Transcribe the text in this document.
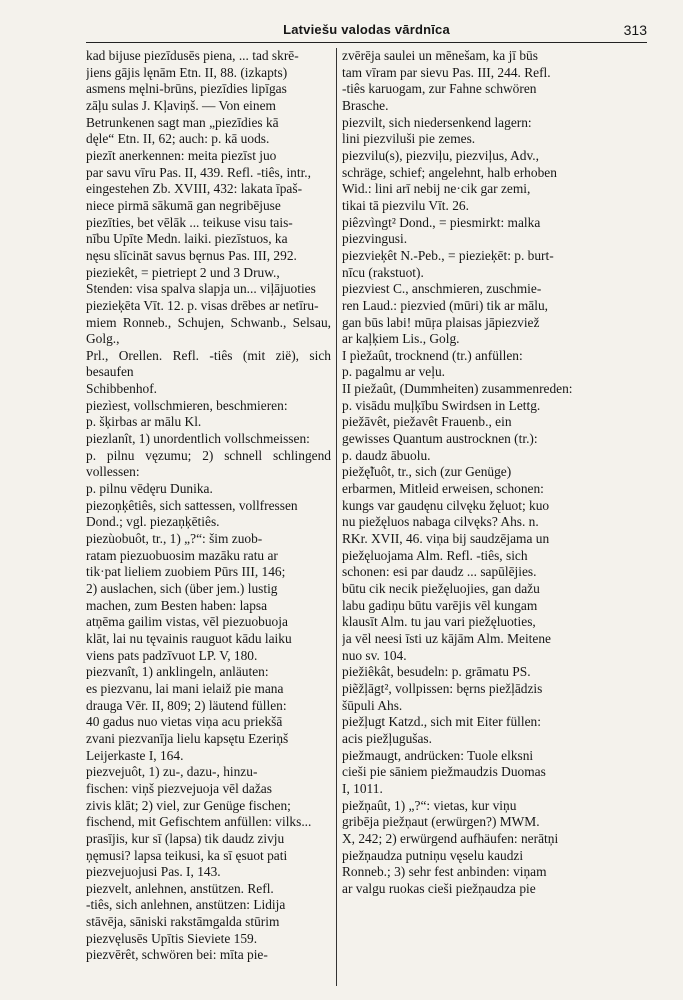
Latviešu valodas vārdnīca	313

kad bijuse piezīdusēs piena, ... tad skrē-

jiens gājis lęnām Etn. II, 88. (izkapts)

asmens męlni-brūns, piezīdies lipīgas

zāļu sulas J. Kļaviņš. — Von einem

Betrunkenen sagt man „piezīdies kā

dęle“ Etn. II, 62; auch: p. kā uods.

piezīt anerkennen: meita piezīst juo

par savu vīru Pas. II, 439. Refl. -tiês, intr.,

eingestehen Zb. XVIII, 432: lakata īpaš-

niece pirmā sākumā gan negribējuse

piezīties, bet vēlāk ... teikuse visu tais-

nību Upīte Medn. laiki. piezīstuos, ka

nęsu slīcināt savus bęrnus Pas. III, 292.

pieziekêt, = pietriept 2 und 3 Druw.,

Stenden: visa spalva slapja un... viļājuoties

piezieķēta Vīt. 12. p. visas drēbes ar netīru-

miem Ronneb., Schujen, Schwanb., Selsau, Golg.,

Prl., Orellen. Refl. -tiês (mit zië), sich besaufen

Schibbenhof.

piezìest, vollschmieren, beschmieren:

p. šķirbas ar mālu Kl.

piezlanît, 1) unordentlich vollschmeissen:

p. pilnu vęzumu; 2) schnell schlingend vollessen:

p. pilnu vēdęru Dunika.

piezoņķêtiês, sich sattessen, vollfressen

Dond.; vgl. piezaņķētiês.

piezùobuôt, tr., 1) „?“: šim zuob-

ratam piezuobuosim mazāku ratu ar

tik·pat lieliem zuobiem Pūrs III, 146;

2) auslachen, sich (über jem.) lustig

machen, zum Besten haben: lapsa

atņēma gailim vistas, vēl piezuobuoja

klāt, lai nu tęvainis rauguot kādu laiku

viens pats padzīvuot LP. V, 180.

piezvanît, 1) anklingeln, anläuten:

es piezvanu, lai mani ielaiž pie mana

drauga Vēr. II, 809; 2) läutend füllen:

40 gadus nuo vietas viņa acu priekšā

zvani piezvanīja lielu kapsętu Ezeriņš

Leijerkaste I, 164.

piezvejuôt, 1) zu-, dazu-, hinzu-

fischen: viņš piezvejuoja vēl dažas

zivis klāt; 2) viel, zur Genüge fischen;

fischend, mit Gefischtem anfüllen: vilks...

prasījis, kur sī (lapsa) tik daudz zivju

ņęmusi? lapsa teikusi, ka sī ęsuot pati

piezvejuojusi Pas. I, 143.

piezvelt, anlehnen, anstützen. Refl.

-tiês, sich anlehnen, anstützen: Lidija

stāvēja, sāniski rakstāmgalda stūrim

piezvęlusēs Upītis Sieviete 159.

piezvērêt, schwören bei: mīta pie-

zvērēja saulei un mēnešam, ka jī būs

tam vīram par sievu Pas. III, 244. Refl.

-tiês karuogam, zur Fahne schwören

Brasche.

piezvilt, sich niedersenkend lagern:

lini piezviluši pie zemes.

piezvilu(s), piezviļu, piezviļus, Adv.,

schräge, schief; angelehnt, halb erhoben

Wid.: lini arī nebij ne·cik gar zemi,

tikai tā piezvilu Vīt. 26.

piêzvìngt² Dond., = piesmirkt: malka

piezvingusi.

piezvieķêt N.-Peb., = piezieķēt: p. burt-

nīcu (rakstuot).

piezviest C., anschmieren, zuschmie-

ren Laud.: piezvied (mūri) tik ar mālu,

gan būs labi! mūŗa plaisas jāpiezviež

ar kaļķiem Lis., Golg.

I pìežaût, trocknend (tr.) anfüllen:

p. pagalmu ar veļu.

II piežaût, (Dummheiten) zusammenreden:

p. visādu muļķību Swirdsen in Lettg.

piežāvêt, piežavêt Frauenb., ein

gewisses Quantum austrocknen (tr.):

p. daudz ābuolu.

piežę̃luôt, tr., sich (zur Genüge)

erbarmen, Mitleid erweisen, schonen:

kungs var gaudęnu cilvęku žęluot; kuo

nu piežęluos nabaga cilvęks? Ahs. n.

RKr. XVII, 46. viņa bij saudzējama un

piežęluojama Alm. Refl. -tiês, sich

schonen: esi par daudz ... sapūlējies.

būtu cik necik piežęluojies, gan dažu

labu gadiņu būtu varējis vēl kungam

klausīt Alm. tu jau vari piežęluoties,

ja vēl neesi īsti uz kājām Alm. Meitene

nuo sv. 104.

piežiêkât, besudeln: p. grāmatu PS.

piẽžļāgt², vollpissen: bęrns piežļādzis

šūpuli Ahs.

piežļugt Katzd., sich mit Eiter füllen:

acis piežļugušas.

piežmaugt, andrücken: Tuole elksni

cieši pie sāniem piežmaudzis Duomas

I, 1011.

piežņaût, 1) „?“: vietas, kur viņu

gribēja piežņaut (erwürgen?) MWM.

X, 242; 2) erwürgend aufhäufen: nerātņi

piežņaudza putniņu vęselu kaudzi

Ronneb.; 3) sehr fest anbinden: viņam

ar valgu ruokas cieši piežņaudza pie
